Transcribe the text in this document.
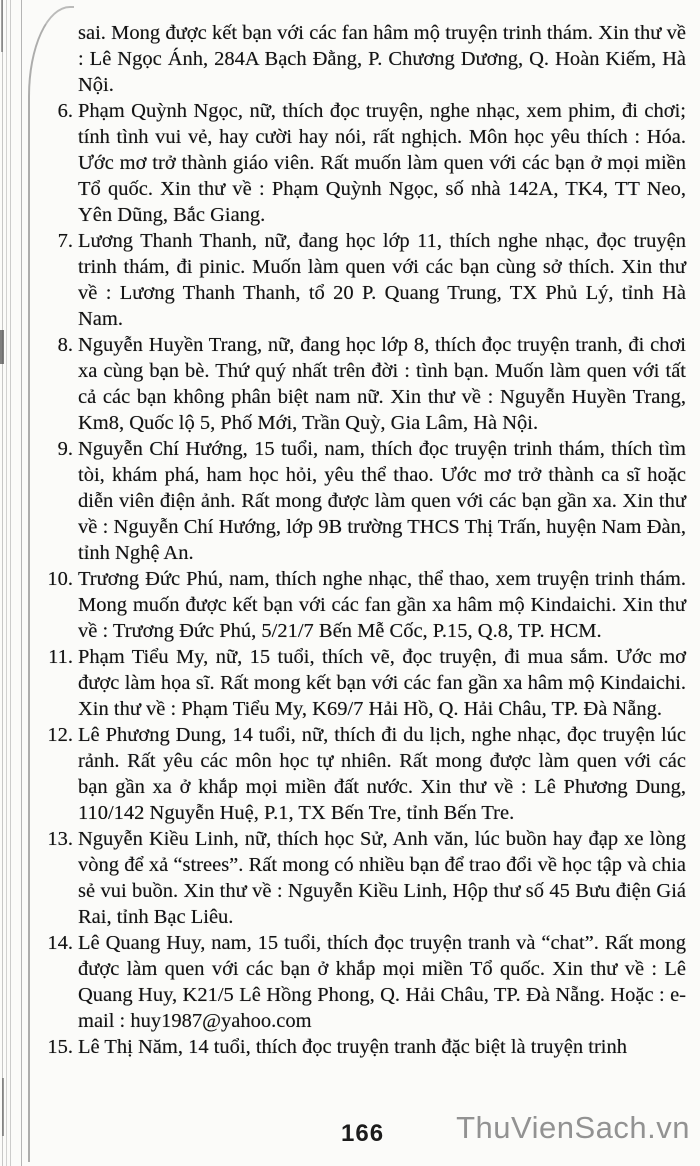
sai. Mong được kết bạn với các fan hâm mộ truyện trinh thám. Xin thư về : Lê Ngọc Ánh, 284A Bạch Đằng, P. Chương Dương, Q. Hoàn Kiếm, Hà Nội.

6. Phạm Quỳnh Ngọc, nữ, thích đọc truyện, nghe nhạc, xem phim, đi chơi; tính tình vui vẻ, hay cười hay nói, rất nghịch. Môn học yêu thích : Hóa. Ước mơ trở thành giáo viên. Rất muốn làm quen với các bạn ở mọi miền Tổ quốc. Xin thư về : Phạm Quỳnh Ngọc, số nhà 142A, TK4, TT Neo, Yên Dũng, Bắc Giang.
7. Lương Thanh Thanh, nữ, đang học lớp 11, thích nghe nhạc, đọc truyện trinh thám, đi pinic. Muốn làm quen với các bạn cùng sở thích. Xin thư về : Lương Thanh Thanh, tổ 20 P. Quang Trung, TX Phủ Lý, tỉnh Hà Nam.
8. Nguyễn Huyền Trang, nữ, đang học lớp 8, thích đọc truyện tranh, đi chơi xa cùng bạn bè. Thứ quý nhất trên đời : tình bạn. Muốn làm quen với tất cả các bạn không phân biệt nam nữ. Xin thư về : Nguyễn Huyền Trang, Km8, Quốc lộ 5, Phố Mới, Trần Quỳ, Gia Lâm, Hà Nội.
9. Nguyễn Chí Hướng, 15 tuổi, nam, thích đọc truyện trinh thám, thích tìm tòi, khám phá, ham học hỏi, yêu thể thao. Ước mơ trở thành ca sĩ hoặc diễn viên điện ảnh. Rất mong được làm quen với các bạn gần xa. Xin thư về : Nguyễn Chí Hướng, lớp 9B trường THCS Thị Trấn, huyện Nam Đàn, tỉnh Nghệ An.
10. Trương Đức Phú, nam, thích nghe nhạc, thể thao, xem truyện trinh thám. Mong muốn được kết bạn với các fan gần xa hâm mộ Kindaichi. Xin thư về : Trương Đức Phú, 5/21/7 Bến Mễ Cốc, P.15, Q.8, TP. HCM.
11. Phạm Tiểu My, nữ, 15 tuổi, thích vẽ, đọc truyện, đi mua sắm. Ước mơ được làm họa sĩ. Rất mong kết bạn với các fan gần xa hâm mộ Kindaichi. Xin thư về : Phạm Tiểu My, K69/7 Hải Hồ, Q. Hải Châu, TP. Đà Nẵng.
12. Lê Phương Dung, 14 tuổi, nữ, thích đi du lịch, nghe nhạc, đọc truyện lúc rảnh. Rất yêu các môn học tự nhiên. Rất mong được làm quen với các bạn gần xa ở khắp mọi miền đất nước. Xin thư về : Lê Phương Dung, 110/142 Nguyễn Huệ, P.1, TX Bến Tre, tỉnh Bến Tre.
13. Nguyễn Kiều Linh, nữ, thích học Sử, Anh văn, lúc buồn hay đạp xe lòng vòng để xả “strees”. Rất mong có nhiều bạn để trao đổi về học tập và chia sẻ vui buồn. Xin thư về : Nguyễn Kiều Linh, Hộp thư số 45 Bưu điện Giá Rai, tỉnh Bạc Liêu.
14. Lê Quang Huy, nam, 15 tuổi, thích đọc truyện tranh và “chat”. Rất mong được làm quen với các bạn ở khắp mọi miền Tổ quốc. Xin thư về : Lê Quang Huy, K21/5 Lê Hồng Phong, Q. Hải Châu, TP. Đà Nẵng. Hoặc : e-mail : huy1987@yahoo.com
15. Lê Thị Năm, 14 tuổi, thích đọc truyện tranh đặc biệt là truyện trinh
166 ThuVienSach.vn
